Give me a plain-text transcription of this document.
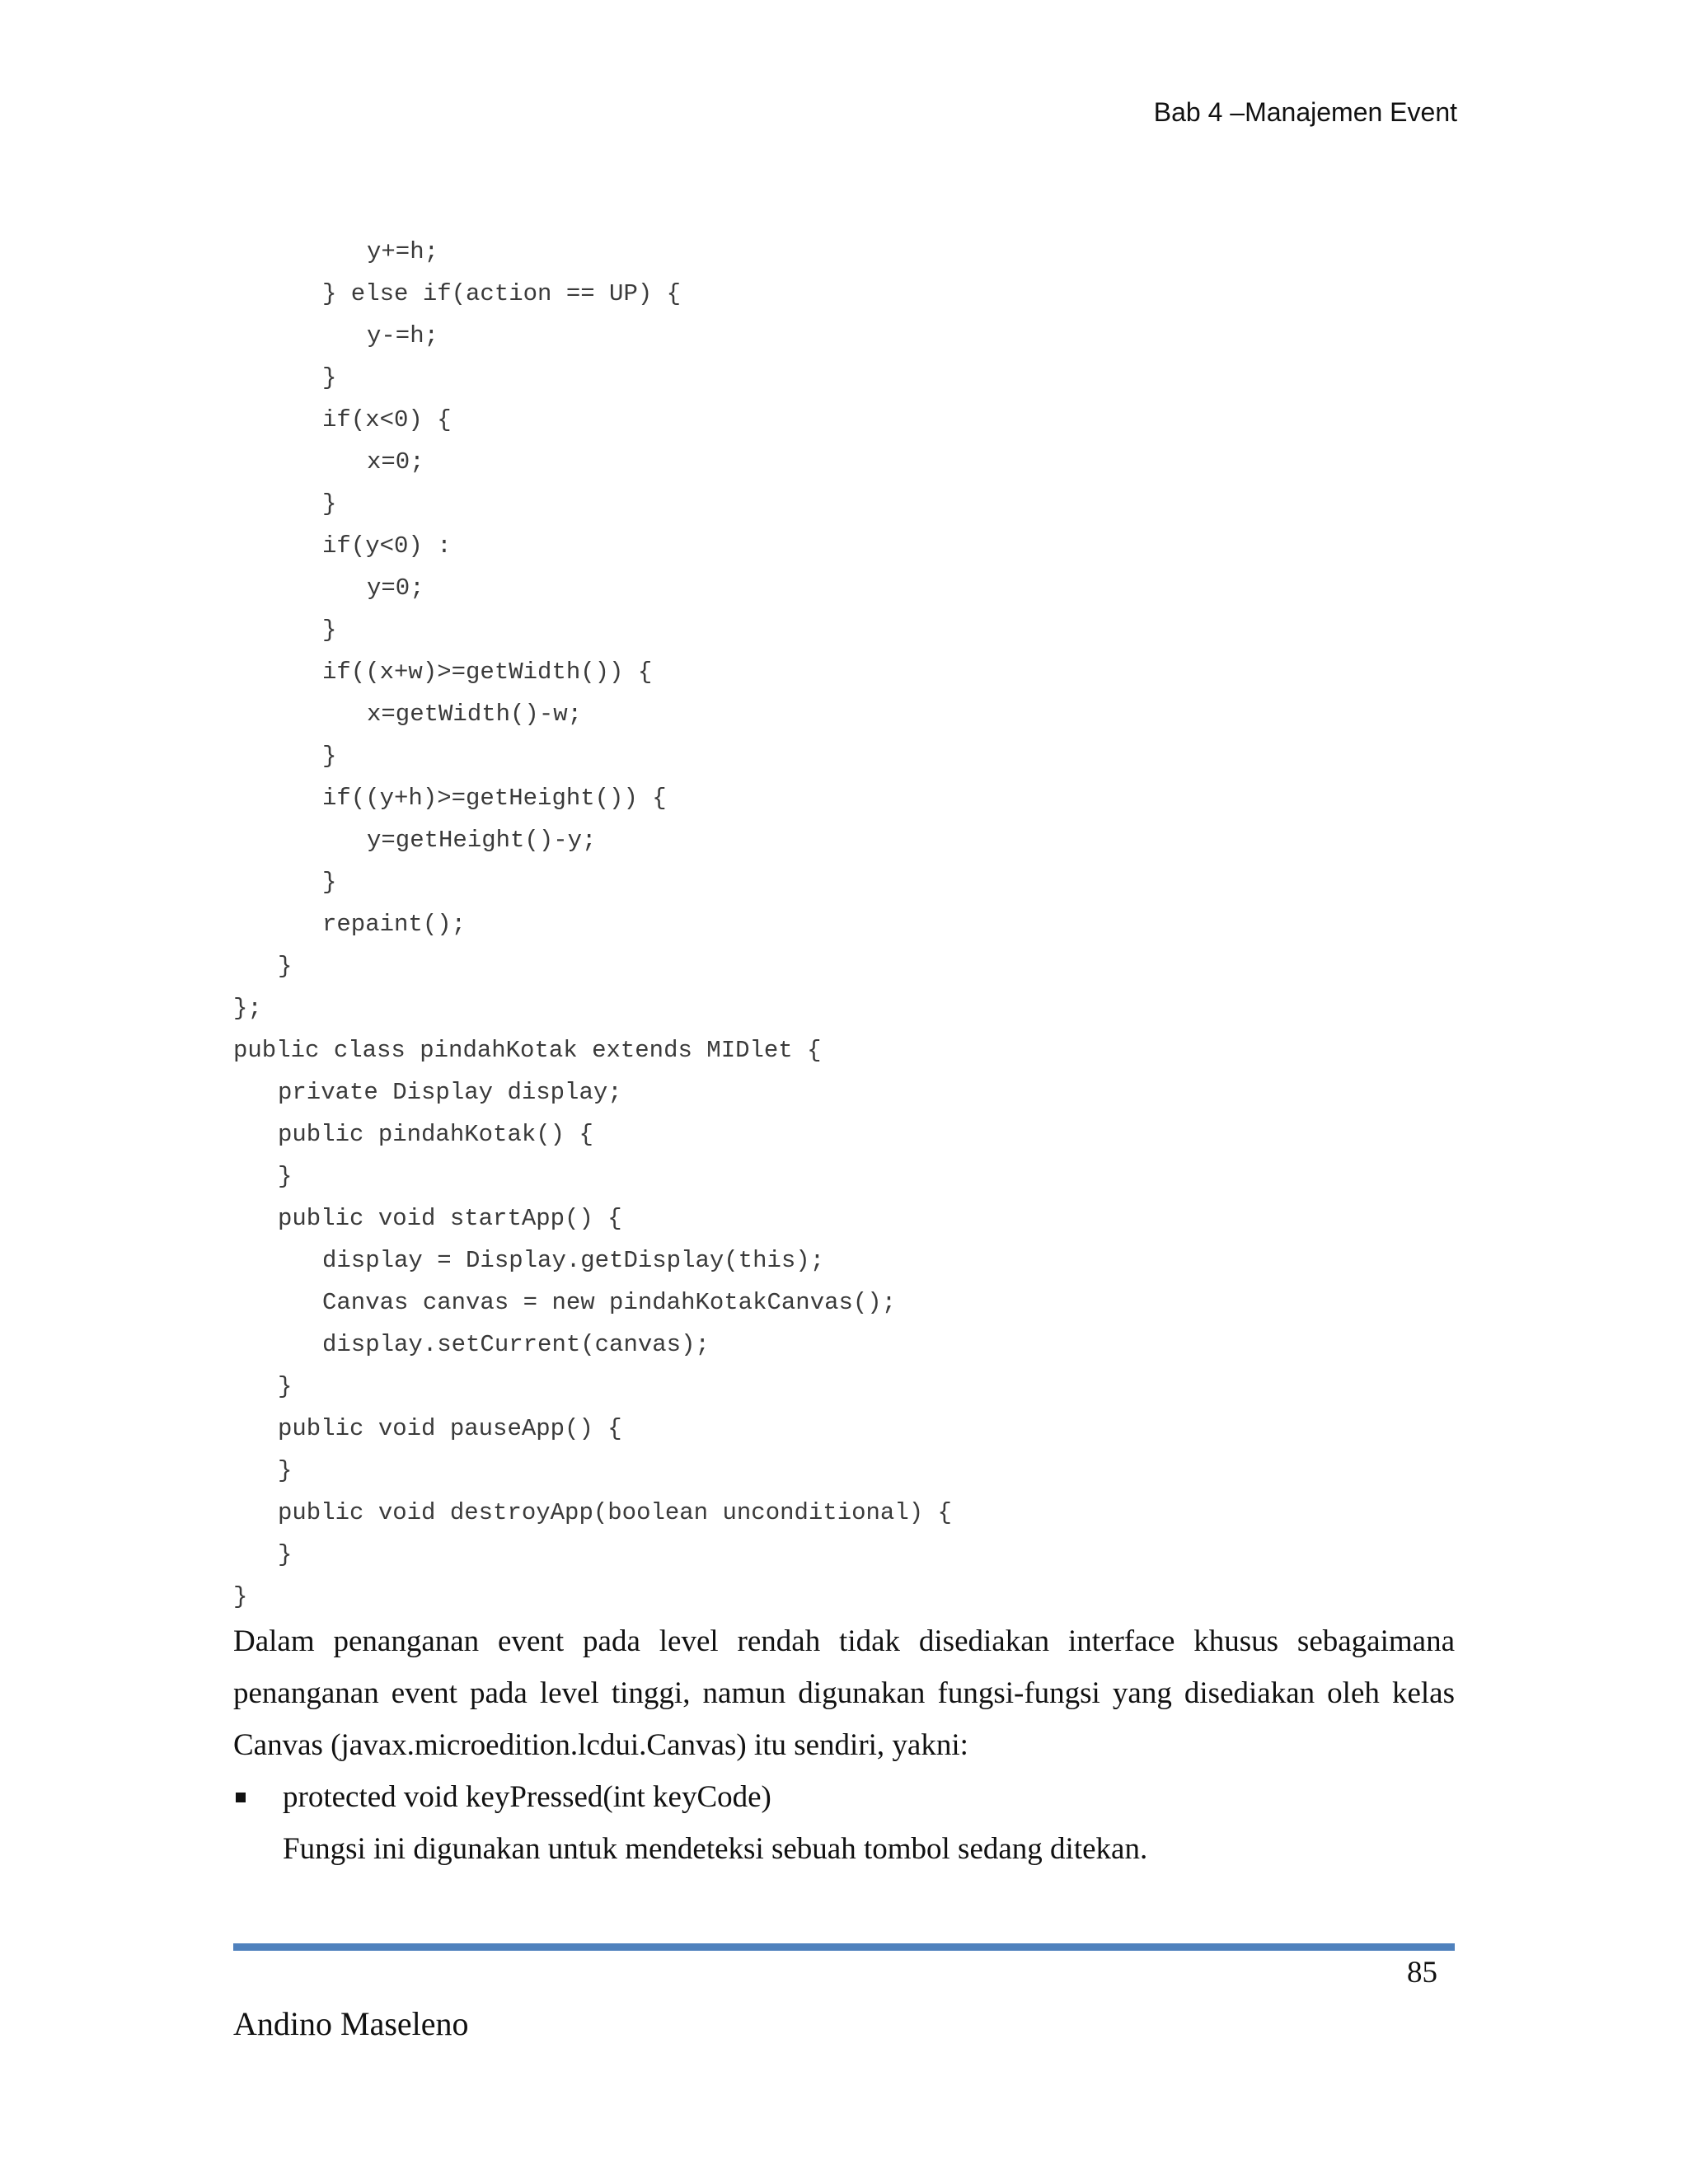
Bab 4 –Manajemen Event
y+=h;
} else if(action == UP) {
y-=h;
}
if(x<0) {
x=0;
}
if(y<0) :
y=0;
}
if((x+w)>=getWidth()) {
x=getWidth()-w;
}
if((y+h)>=getHeight()) {
y=getHeight()-y;
}
repaint();
}
};
public class pindahKotak extends MIDlet {
private Display display;
public pindahKotak() {
}
public void startApp() {
display = Display.getDisplay(this);
Canvas canvas = new pindahKotakCanvas();
display.setCurrent(canvas);
}
public void pauseApp() {
}
public void destroyApp(boolean unconditional) {
}
}

Dalam penanganan event pada level rendah tidak disediakan interface khusus sebagaimana penanganan event pada level tinggi, namun digunakan fungsi-fungsi yang disediakan oleh kelas Canvas (javax.microedition.lcdui.Canvas) itu sendiri, yakni:

protected void keyPressed(int keyCode)
Fungsi ini digunakan untuk mendeteksi sebuah tombol sedang ditekan.
85
Andino Maseleno
